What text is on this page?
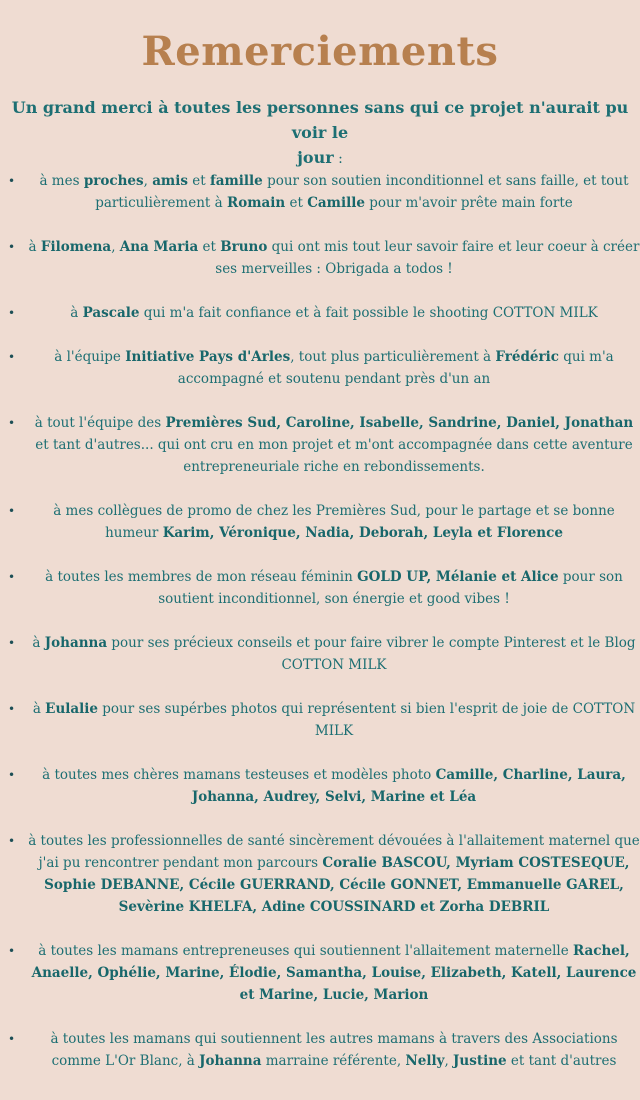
Remerciements
Un grand merci à toutes les personnes sans qui ce projet n'aurait pu voir le
jour :
•	à mes proches, amis et famille pour son soutien inconditionnel et sans faille, et tout particulièrement à Romain et Camille pour m'avoir prête main forte
• à Filomena, Ana Maria et Bruno qui ont mis tout leur savoir faire et leur coeur à créer ses merveilles : Obrigada a todos !
•	à Pascale qui m'a fait confiance et à fait possible le shooting COTTON MILK
•	à l'équipe Initiative Pays d'Arles, tout plus particulièrement à Frédéric qui m'a accompagné et soutenu pendant près d'un an
•	à tout l'équipe des Premières Sud, Caroline, Isabelle, Sandrine, Daniel, Jonathan et tant d'autres... qui ont cru en mon projet et m'ont accompagnée dans cette aventure entrepreneuriale riche en rebondissements.
•	à mes collègues de promo de chez les Premières Sud, pour le partage et se bonne humeur Karim, Véronique, Nadia, Deborah, Leyla et Florence
•	à toutes les membres de mon réseau féminin GOLD UP, Mélanie et Alice pour son soutient inconditionnel, son énergie et good vibes !
•	à Johanna pour ses précieux conseils et pour faire vibrer le compte Pinterest et le Blog COTTON MILK
•	à Eulalie pour ses supérbes photos qui représentent si bien l'esprit de joie de COTTON MILK
•	à toutes mes chères mamans testeuses et modèles photo Camille, Charline, Laura, Johanna, Audrey, Selvi, Marine et Léa
• à toutes les professionnelles de santé sincèrement dévouées à l'allaitement maternel que j'ai pu rencontrer pendant mon parcours Coralie BASCOU, Myriam COSTESEQUE, Sophie DEBANNE, Cécile GUERRAND, Cécile GONNET, Emmanuelle GAREL, Sevèrine KHELFA, Adine COUSSINARD et Zorha DEBRIL
•	à toutes les mamans entrepreneuses qui soutiennent l'allaitement maternelle Rachel, Anaelle, Ophélie, Marine, Élodie, Samantha, Louise, Elizabeth, Katell, Laurence et Marine, Lucie, Marion
•	à toutes les mamans qui soutiennent les autres mamans à travers des Associations comme L'Or Blanc, à Johanna marraine référente, Nelly, Justine et tant d'autres
